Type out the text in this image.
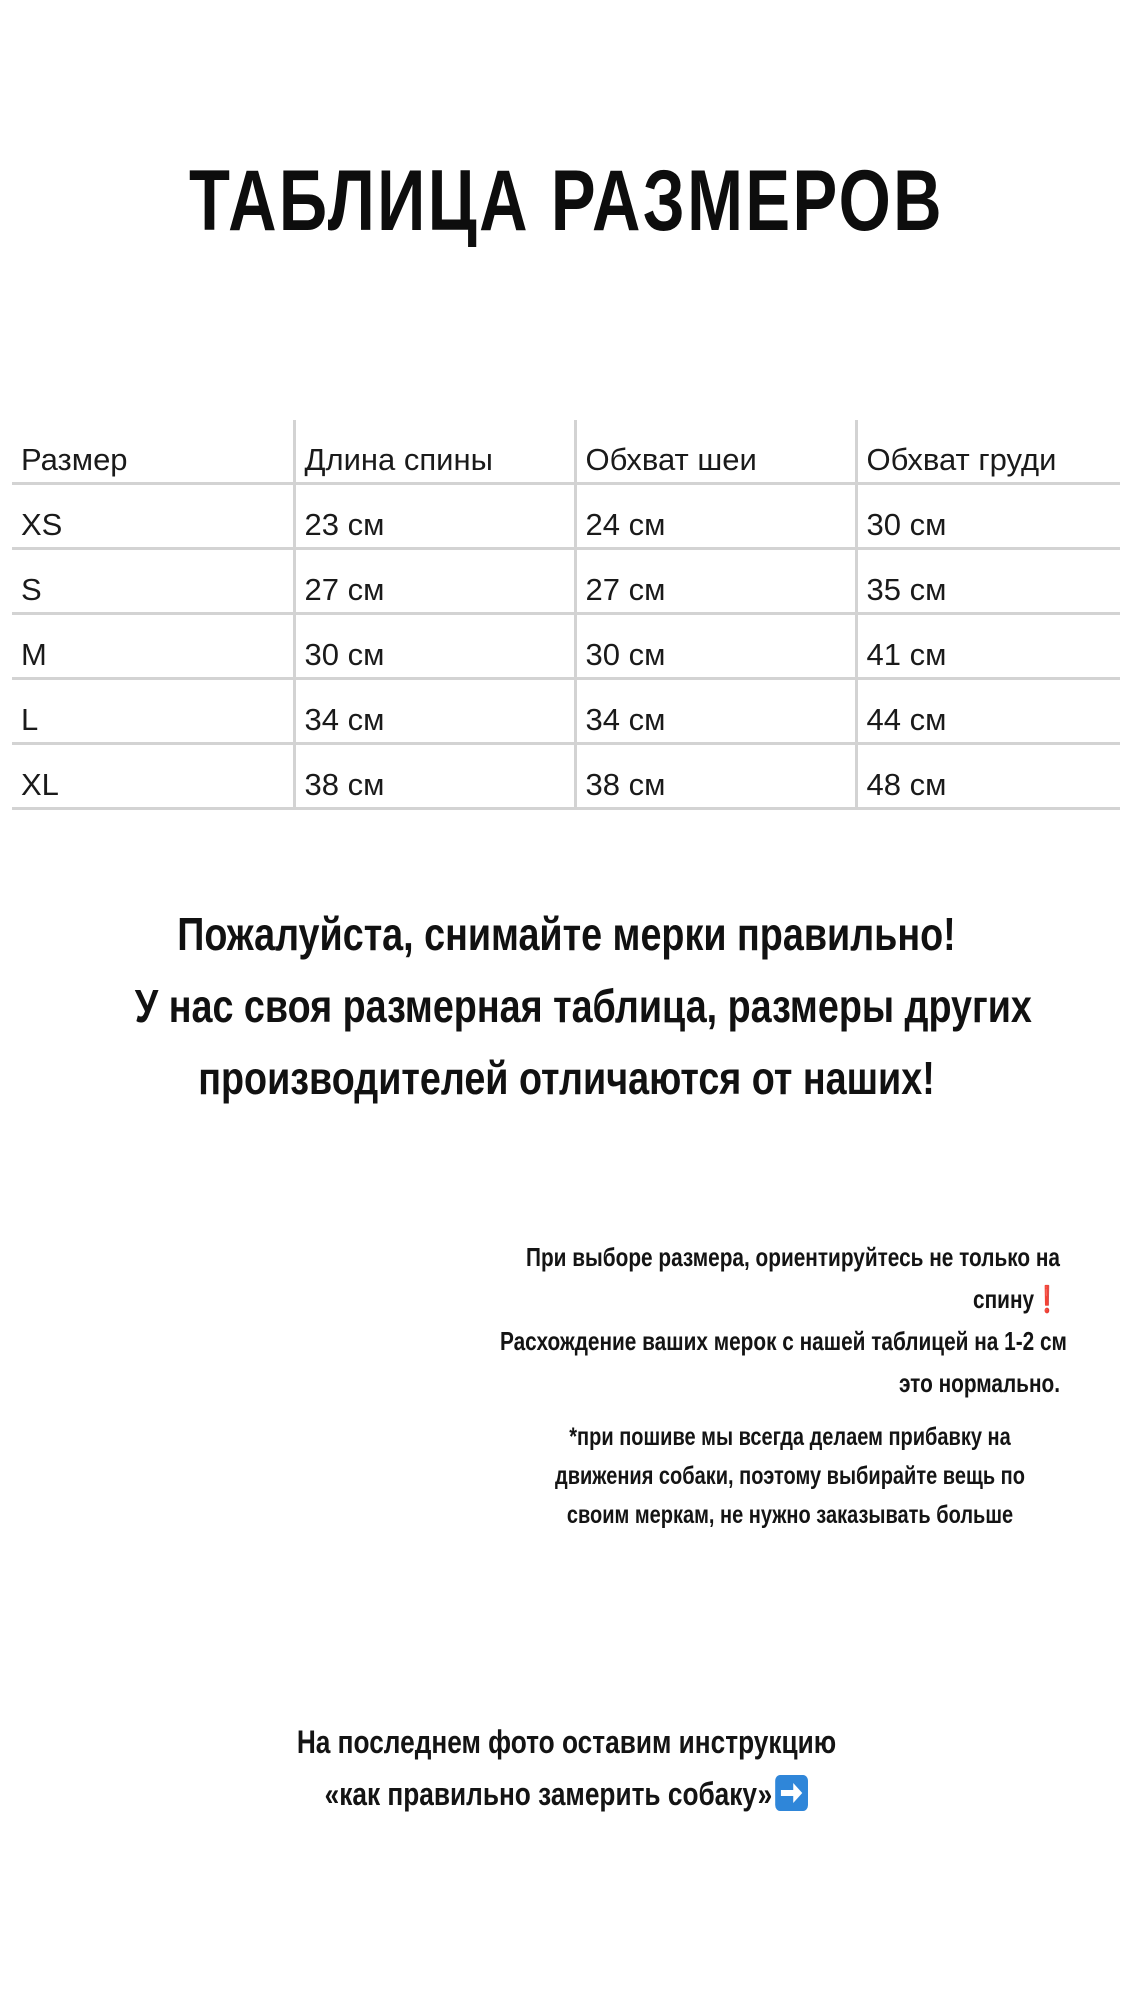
ТАБЛИЦА РАЗМЕРОВ
Размер	Длина спины	Обхват шеи	Обхват груди
XS	23 см	24 см	30 см
S	27 см	27 см	35 см
M	30 см	30 см	41 см
L	34 см	34 см	44 см
XL	38 см	38 см	48 см
Пожалуйста, снимайте мерки правильно!
У нас своя размерная таблица, размеры других
производителей отличаются от наших!
При выборе размера, ориентируйтесь не только на
спину❗
Расхождение ваших мерок с нашей таблицей на 1-2 см
это нормально.
*при пошиве мы всегда делаем прибавку на
движения собаки, поэтому выбирайте вещь по
своим меркам, не нужно заказывать больше
На последнем фото оставим инструкцию
«как правильно замерить собаку»
